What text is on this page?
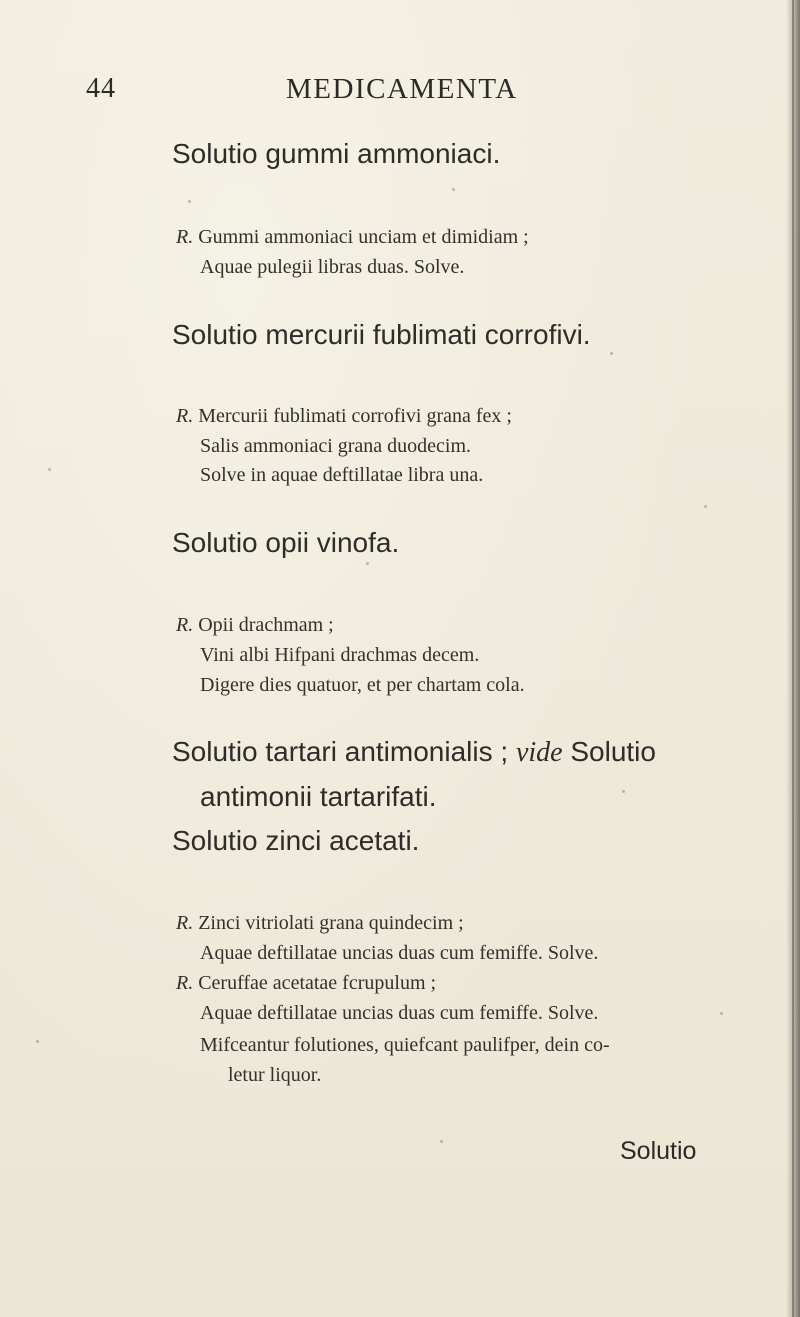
44	MEDICAMENTA
Solutio gummi ammoniaci.
R. Gummi ammoniaci unciam et dimidiam ;
Aquae pulegii libras duas. Solve.
Solutio mercurii fublimati corrofivi.
R. Mercurii fublimati corrofivi grana fex ;
Salis ammoniaci grana duodecim.
Solve in aquae deftillatae libra una.
Solutio opii vinofa.
R. Opii drachmam ;
Vini albi Hifpani drachmas decem.
Digere dies quatuor, et per chartam cola.
Solutio tartari antimonialis ; vide Solutio
antimonii tartarifati.
Solutio zinci acetati.
R. Zinci vitriolati grana quindecim ;
Aquae deftillatae uncias duas cum femiffe. Solve.
R. Ceruffae acetatae fcrupulum ;
Aquae deftillatae uncias duas cum femiffe. Solve.
Mifceantur folutiones, quiefcant paulifper, dein co-
letur liquor.
Solutio
